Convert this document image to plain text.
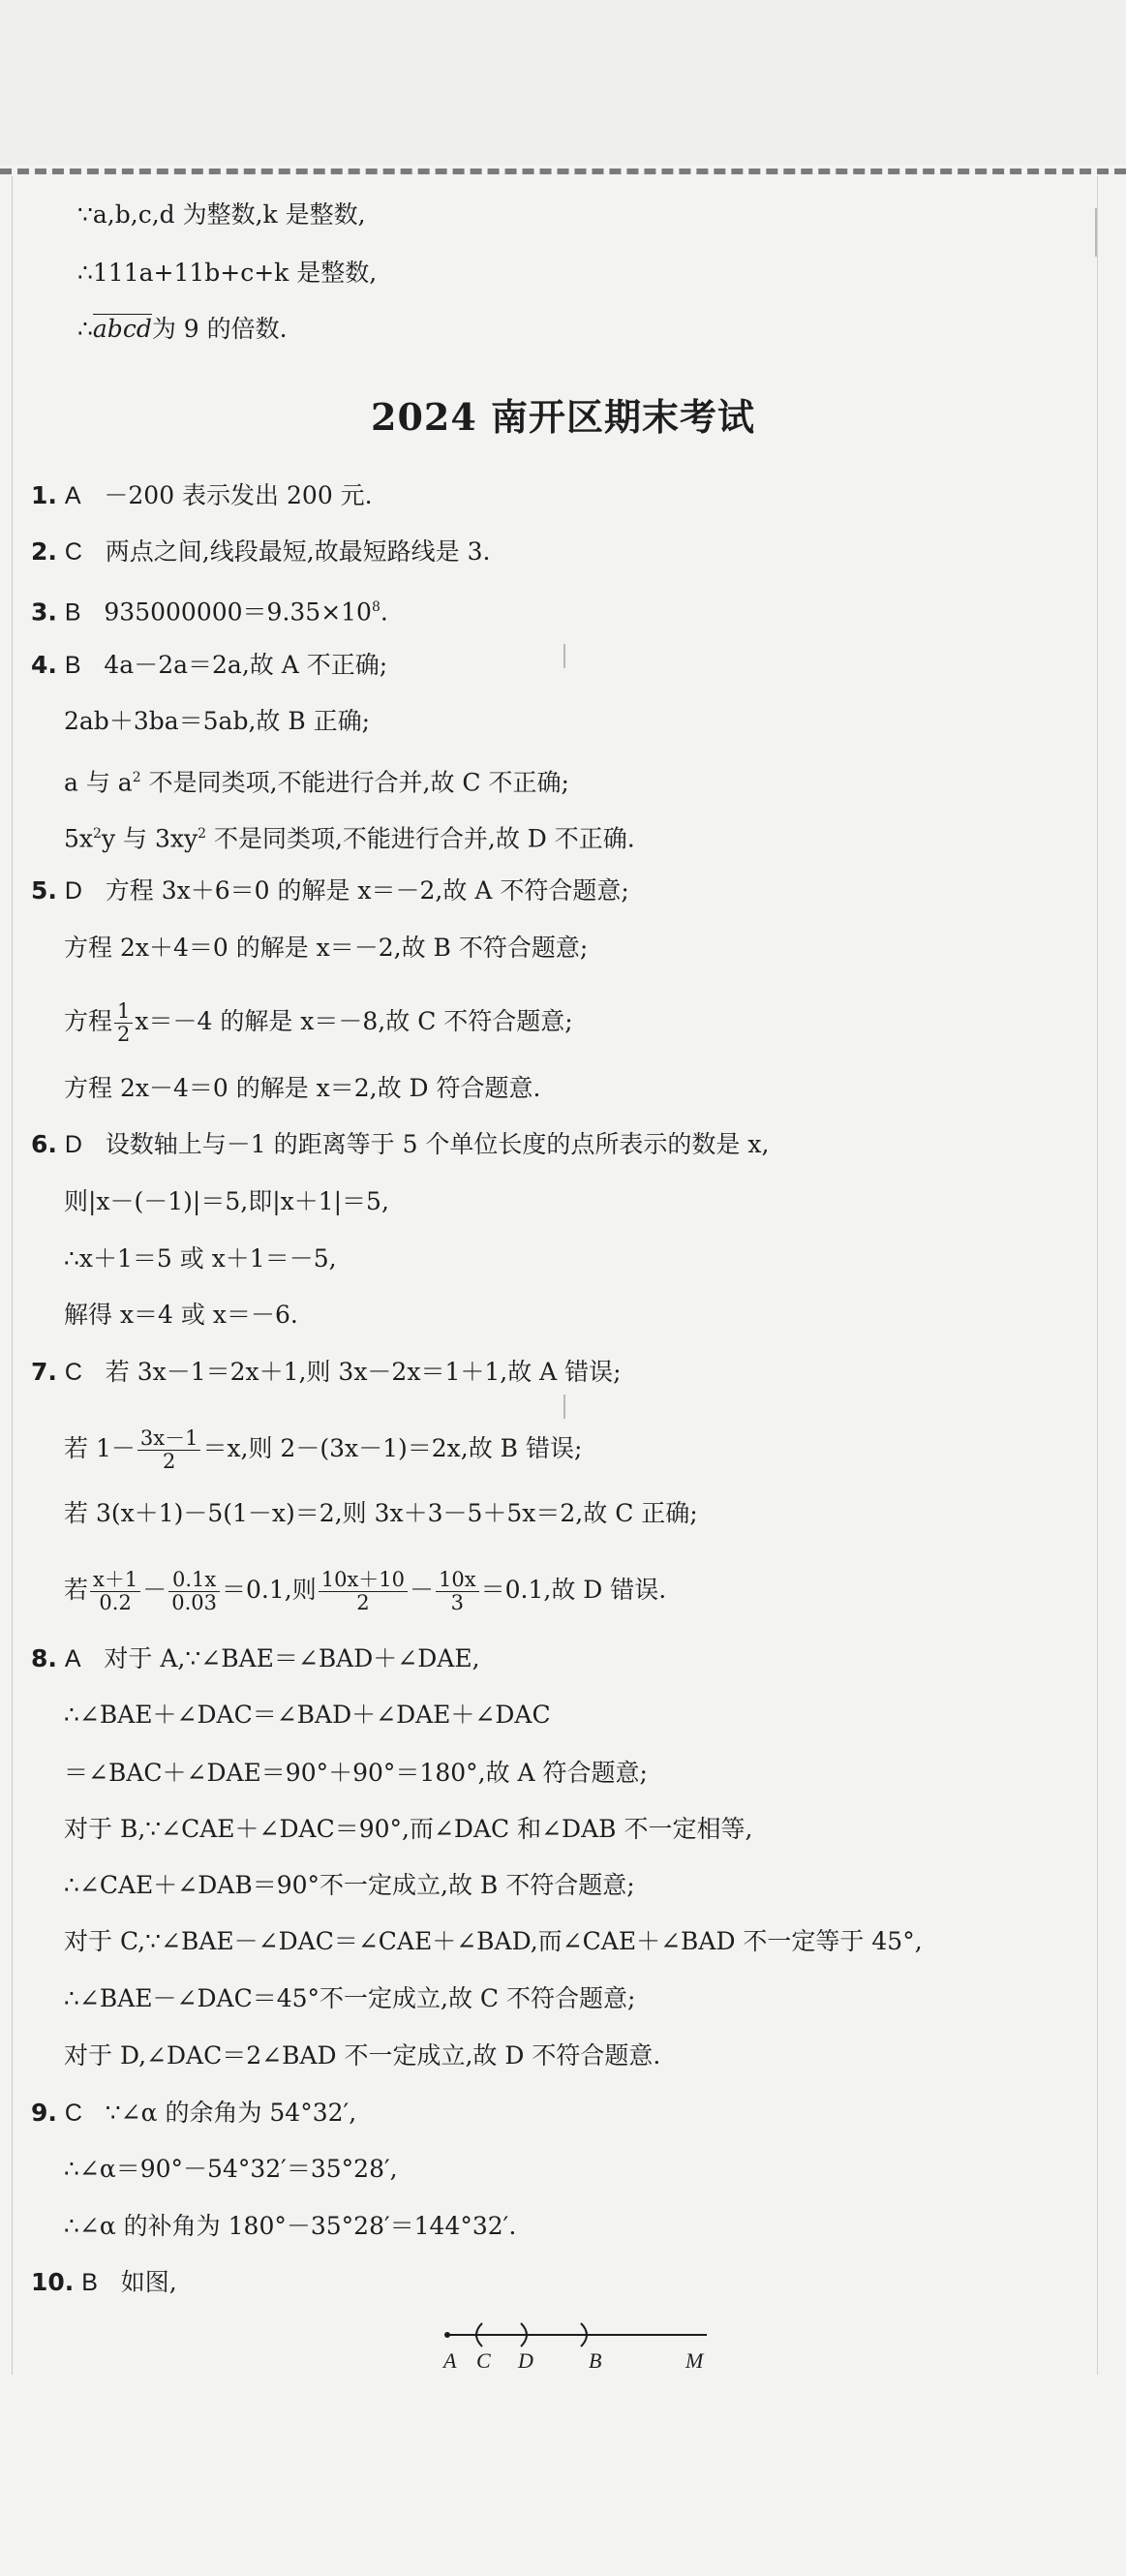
∵a,b,c,d 为整数,k 是整数,
∴111a+11b+c+k 是整数,
∴abcd为 9 的倍数.
2024 南开区期末考试
1. A －200 表示发出 200 元.
2. C 两点之间,线段最短,故最短路线是 3.
3. B $935000000=9.35\times 10^8$.
4. B 4a－2a＝2a,故 A 不正确;
2ab＋3ba＝5ab,故 B 正确;
a 与 $a^2$ 不是同类项,不能进行合并,故 C 不正确;
$5x^2y$ 与 $3xy^2$ 不是同类项,不能进行合并,故 D 不正确.
5. D 方程 3x＋6＝0 的解是 x＝－2,故 A 不符合题意;
方程 2x＋4＝0 的解是 x＝－2,故 B 不符合题意;
方程 $\frac{1}{2} x=-4$ 的解是 x＝－8,故 C 不符合题意;
方程 2x－4＝0 的解是 x＝2,故 D 符合题意.
6. D 设数轴上与－1 的距离等于 5 个单位长度的点所表示的数是 x,
则|x－(－1)|＝5,即|x＋1|＝5,
∴x＋1＝5 或 x＋1＝－5,
解得 x＝4 或 x＝－6.
7. C 若 3x－1＝2x＋1,则 3x－2x＝1＋1,故 A 错误;
若 $1- \frac{3x-1}{2} =x$,则 2－(3x－1)＝2x,故 B 错误;
若 3(x＋1)－5(1－x)＝2,则 3x＋3－5＋5x＝2,故 C 正确;
若 $\frac{x+1}{0.2} - \frac{0.1x}{0.03} =0.1$,则 $\frac{10x+10}{2} - \frac{10x}{3} =0.1$,故 D 错误.
8. A 对于 A,∵∠BAE＝∠BAD＋∠DAE,
∴∠BAE＋∠DAC＝∠BAD＋∠DAE＋∠DAC
＝∠BAC＋∠DAE＝90°＋90°＝180°,故 A 符合题意;
对于 B,∵∠CAE＋∠DAC＝90°,而∠DAC 和∠DAB 不一定相等,
∴∠CAE＋∠DAB＝90°不一定成立,故 B 不符合题意;
对于 C,∵∠BAE－∠DAC＝∠CAE＋∠BAD,而∠CAE＋∠BAD 不一定等于 45°,
∴∠BAE－∠DAC＝45°不一定成立,故 C 不符合题意;
对于 D,∠DAC＝2∠BAD 不一定成立,故 D 不符合题意.
9. C ∵∠α 的余角为 54°32′,
∴∠α＝90°－54°32′＝35°28′,
∴∠α 的补角为 180°－35°28′＝144°32′.
10. B 如图,
A C D	B	M
